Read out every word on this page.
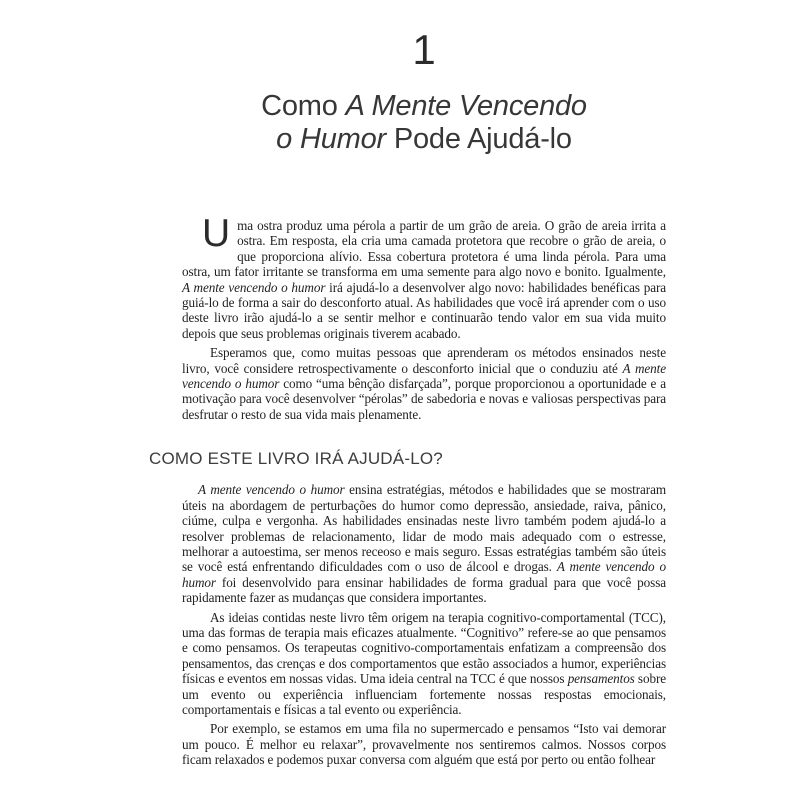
1
Como A Mente Vencendo
o Humor Pode Ajudá-lo

Uma ostra produz uma pérola a partir de um grão de areia. O grão de areia irrita a ostra. Em resposta, ela cria uma camada protetora que recobre o grão de areia, o que proporciona alívio. Essa cobertura protetora é uma linda pérola. Para uma ostra, um fator irritante se transforma em uma semente para algo novo e bonito. Igualmente, A mente vencendo o humor irá ajudá-lo a desenvolver algo novo: habilidades benéficas para guiá-lo de forma a sair do desconforto atual. As habilidades que você irá aprender com o uso deste livro irão ajudá-lo a se sentir melhor e continuarão tendo valor em sua vida muito depois que seus problemas originais tiverem acabado.

Esperamos que, como muitas pessoas que aprenderam os métodos ensinados neste livro, você considere retrospectivamente o desconforto inicial que o conduziu até A mente vencendo o humor como “uma bênção disfarçada”, porque proporcionou a oportunidade e a motivação para você desenvolver “pérolas” de sabedoria e novas e valiosas perspectivas para desfrutar o resto de sua vida mais plenamente.

COMO ESTE LIVRO IRÁ AJUDÁ-LO?

A mente vencendo o humor ensina estratégias, métodos e habilidades que se mostraram úteis na abordagem de perturbações do humor como depressão, ansiedade, raiva, pânico, ciúme, culpa e vergonha. As habilidades ensinadas neste livro também podem ajudá-lo a resolver problemas de relacionamento, lidar de modo mais adequado com o estresse, melhorar a autoestima, ser menos receoso e mais seguro. Essas estratégias também são úteis se você está enfrentando dificuldades com o uso de álcool e drogas. A mente vencendo o humor foi desenvolvido para ensinar habilidades de forma gradual para que você possa rapidamente fazer as mudanças que considera importantes.

As ideias contidas neste livro têm origem na terapia cognitivo-comportamental (TCC), uma das formas de terapia mais eficazes atualmente. “Cognitivo” refere-se ao que pensamos e como pensamos. Os terapeutas cognitivo-comportamentais enfatizam a compreensão dos pensamentos, das crenças e dos comportamentos que estão associados a humor, experiências físicas e eventos em nossas vidas. Uma ideia central na TCC é que nossos pensamentos sobre um evento ou experiência influenciam fortemente nossas respostas emocionais, comportamentais e físicas a tal evento ou experiência.

Por exemplo, se estamos em uma fila no supermercado e pensamos “Isto vai demorar um pouco. É melhor eu relaxar”, provavelmente nos sentiremos calmos. Nossos corpos ficam relaxados e podemos puxar conversa com alguém que está por perto ou então folhear
